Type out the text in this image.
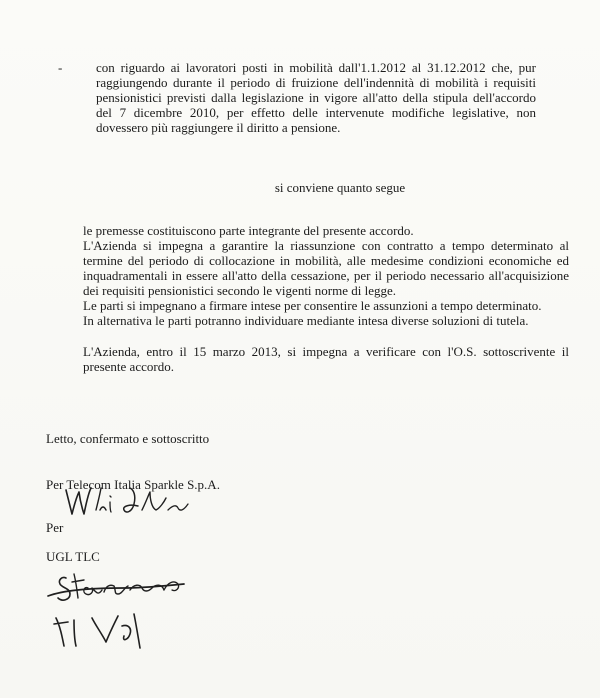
-	con riguardo ai lavoratori posti in mobilità dall'1.1.2012 al 31.12.2012 che, pur raggiungendo durante il periodo di fruizione dell'indennità di mobilità i requisiti pensionistici previsti dalla legislazione in vigore all'atto della stipula dell'accordo del 7 dicembre 2010, per effetto delle intervenute modifiche legislative, non dovessero più raggiungere il diritto a pensione.

si conviene quanto segue

le premesse costituiscono parte integrante del presente accordo.

L'Azienda si impegna a garantire la riassunzione con contratto a tempo determinato al termine del periodo di collocazione in mobilità, alle medesime condizioni economiche ed inquadramentali in essere all'atto della cessazione, per il periodo necessario all'acquisizione dei requisiti pensionistici secondo le vigenti norme di legge.

Le parti si impegnano a firmare intese per consentire le assunzioni a tempo determinato.

In alternativa le parti potranno individuare mediante intesa diverse soluzioni di tutela.

L'Azienda, entro il 15 marzo 2013, si impegna a verificare con l'O.S. sottoscrivente il presente accordo.

Letto, confermato e sottoscritto
Per Telecom Italia Sparkle S.p.A.
Per
UGL TLC
